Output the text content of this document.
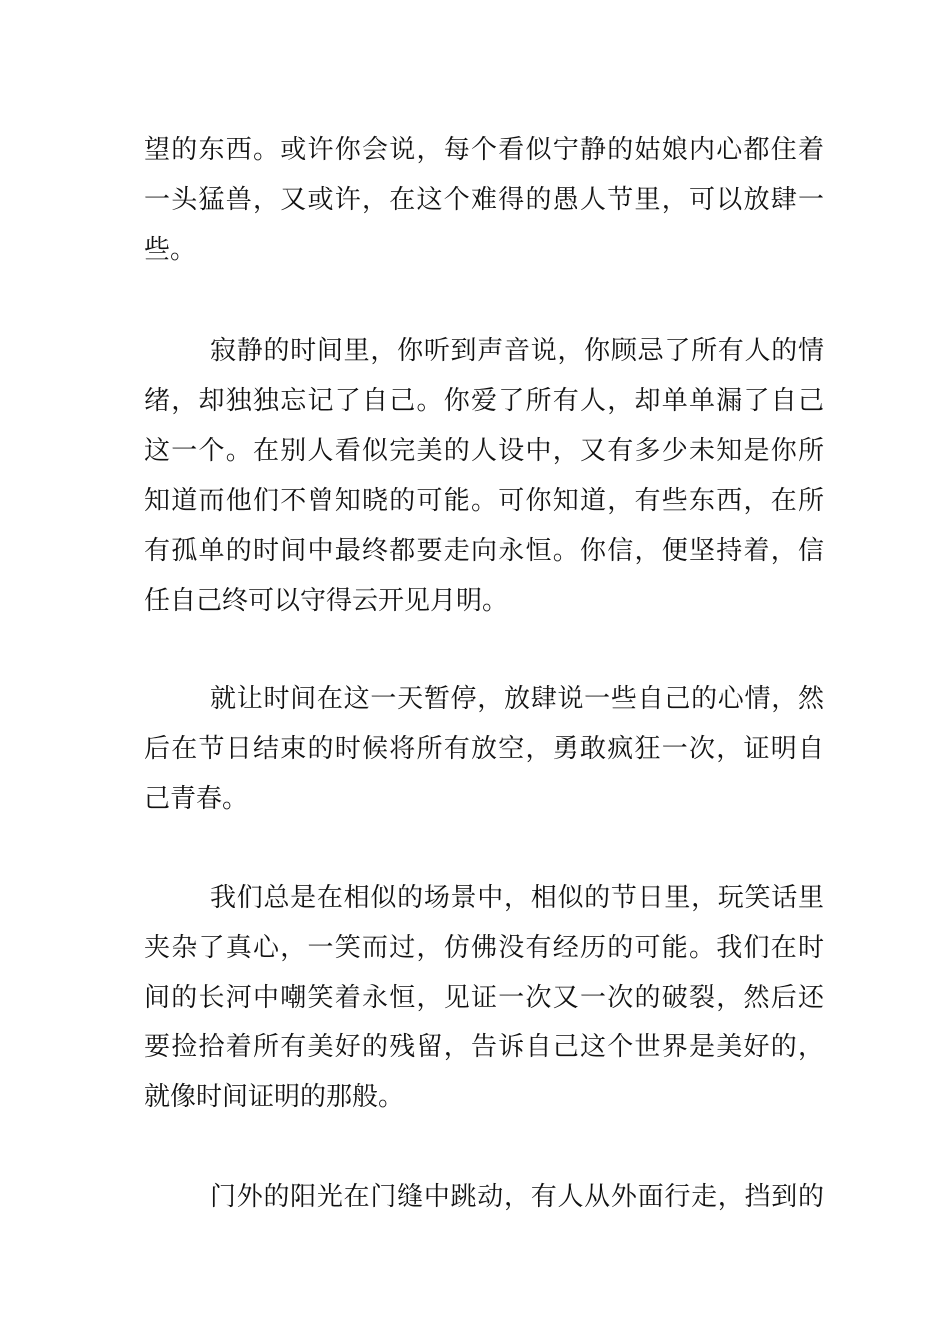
望的东西。或许你会说，每个看似宁静的姑娘内心都住着
一头猛兽，又或许，在这个难得的愚人节里，可以放肆一
些。
寂静的时间里，你听到声音说，你顾忌了所有人的情
绪，却独独忘记了自己。你爱了所有人，却单单漏了自己
这一个。在别人看似完美的人设中，又有多少未知是你所
知道而他们不曾知晓的可能。可你知道，有些东西，在所
有孤单的时间中最终都要走向永恒。你信，便坚持着，信
任自己终可以守得云开见月明。
就让时间在这一天暂停，放肆说一些自己的心情，然
后在节日结束的时候将所有放空，勇敢疯狂一次，证明自
己青春。
我们总是在相似的场景中，相似的节日里，玩笑话里
夹杂了真心，一笑而过，仿佛没有经历的可能。我们在时
间的长河中嘲笑着永恒，见证一次又一次的破裂，然后还
要捡拾着所有美好的残留，告诉自己这个世界是美好的，
就像时间证明的那般。
门外的阳光在门缝中跳动，有人从外面行走，挡到的
